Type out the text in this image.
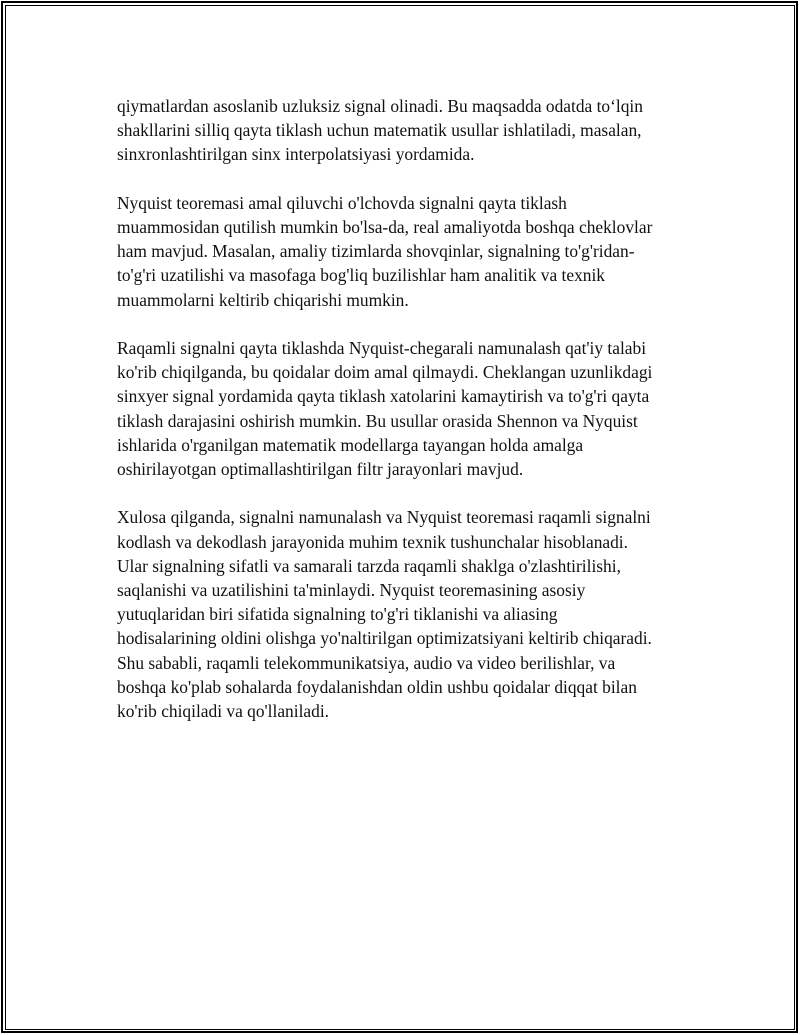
qiymatlardan asoslanib uzluksiz signal olinadi. Bu maqsadda odatda to‘lqin
shakllarini silliq qayta tiklash uchun matematik usullar ishlatiladi, masalan,
sinxronlashtirilgan sinx interpolatsiyasi yordamida.

Nyquist teoremasi amal qiluvchi o'lchovda signalni qayta tiklash
muammosidan qutilish mumkin bo'lsa-da, real amaliyotda boshqa cheklovlar
ham mavjud. Masalan, amaliy tizimlarda shovqinlar, signalning to'g'ridan-
to'g'ri uzatilishi va masofaga bog'liq buzilishlar ham analitik va texnik
muammolarni keltirib chiqarishi mumkin.

Raqamli signalni qayta tiklashda Nyquist-chegarali namunalash qat'iy talabi
ko'rib chiqilganda, bu qoidalar doim amal qilmaydi. Cheklangan uzunlikdagi
sinxyer signal yordamida qayta tiklash xatolarini kamaytirish va to'g'ri qayta
tiklash darajasini oshirish mumkin. Bu usullar orasida Shennon va Nyquist
ishlarida o'rganilgan matematik modellarga tayangan holda amalga
oshirilayotgan optimallashtirilgan filtr jarayonlari mavjud.

Xulosa qilganda, signalni namunalash va Nyquist teoremasi raqamli signalni
kodlash va dekodlash jarayonida muhim texnik tushunchalar hisoblanadi.
Ular signalning sifatli va samarali tarzda raqamli shaklga o'zlashtirilishi,
saqlanishi va uzatilishini ta'minlaydi. Nyquist teoremasining asosiy
yutuqlaridan biri sifatida signalning to'g'ri tiklanishi va aliasing
hodisalarining oldini olishga yo'naltirilgan optimizatsiyani keltirib chiqaradi.
Shu sababli, raqamli telekommunikatsiya, audio va video berilishlar, va
boshqa ko'plab sohalarda foydalanishdan oldin ushbu qoidalar diqqat bilan
ko'rib chiqiladi va qo'llaniladi.
